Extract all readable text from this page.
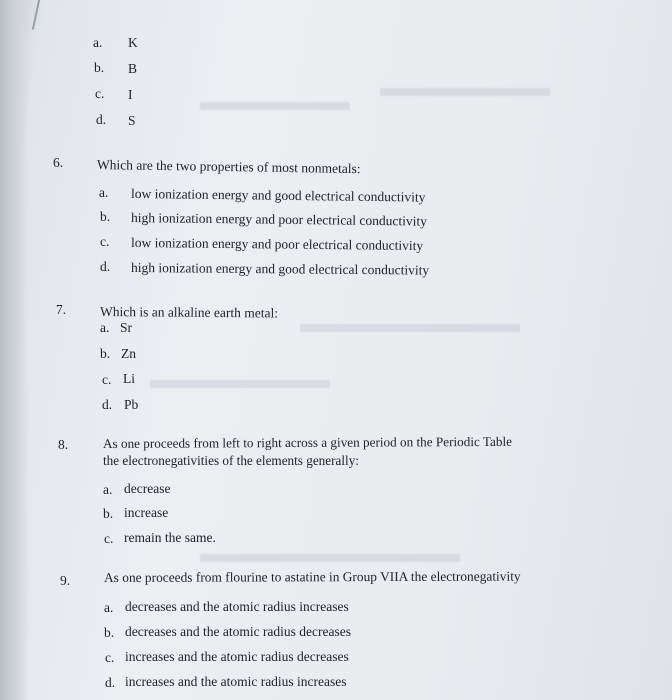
a. K
b. B
c. I
d. S
6.	Which are the two properties of most nonmetals:
a. low ionization energy and good electrical conductivity
b. high ionization energy and poor electrical conductivity
c. low ionization energy and poor electrical conductivity
d. high ionization energy and good electrical conductivity
7.	Which is an alkaline earth metal:
a. Sr
b. Zn
c. Li
d. Pb
8.	As one proceeds from left to right across a given period on the Periodic Table
the electronegativities of the elements generally:
a. decrease
b. increase
c. remain the same.
9.	As one proceeds from flourine to astatine in Group VIIA the electronegativity
a. decreases and the atomic radius increases
b. decreases and the atomic radius decreases
c. increases and the atomic radius decreases
d. increases and the atomic radius increases
